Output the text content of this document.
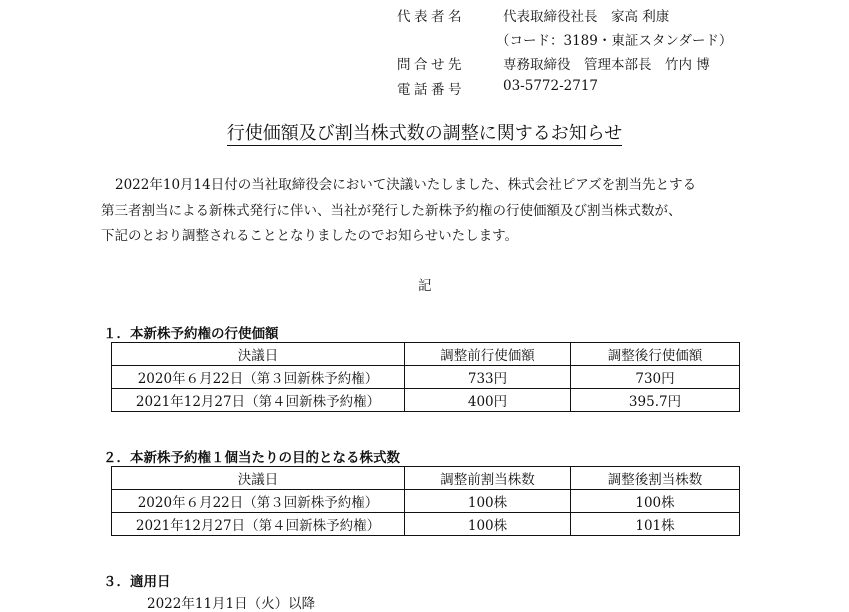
代表者名	代表取締役社長　家高 利康
（コード：3189・東証スタンダード）
問合せ先	専務取締役　管理本部長　竹内 博
電話番号	03-5772-2717
行使価額及び割当株式数の調整に関するお知らせ
2022年10月14日付の当社取締役会において決議いたしました、株式会社ピアズを割当先とする
第三者割当による新株式発行に伴い、当社が発行した新株予約権の行使価額及び割当株式数が、
下記のとおり調整されることとなりましたのでお知らせいたします。
記
１．本新株予約権の行使価額
決議日	調整前行使価額	調整後行使価額
2020年６月22日（第３回新株予約権）	733円	730円
2021年12月27日（第４回新株予約権）	400円	395.7円
２．本新株予約権１個当たりの目的となる株式数
決議日	調整前割当株数	調整後割当株数
2020年６月22日（第３回新株予約権）	100株	100株
2021年12月27日（第４回新株予約権）	100株	101株
３．適用日
2022年11月1日（火）以降
